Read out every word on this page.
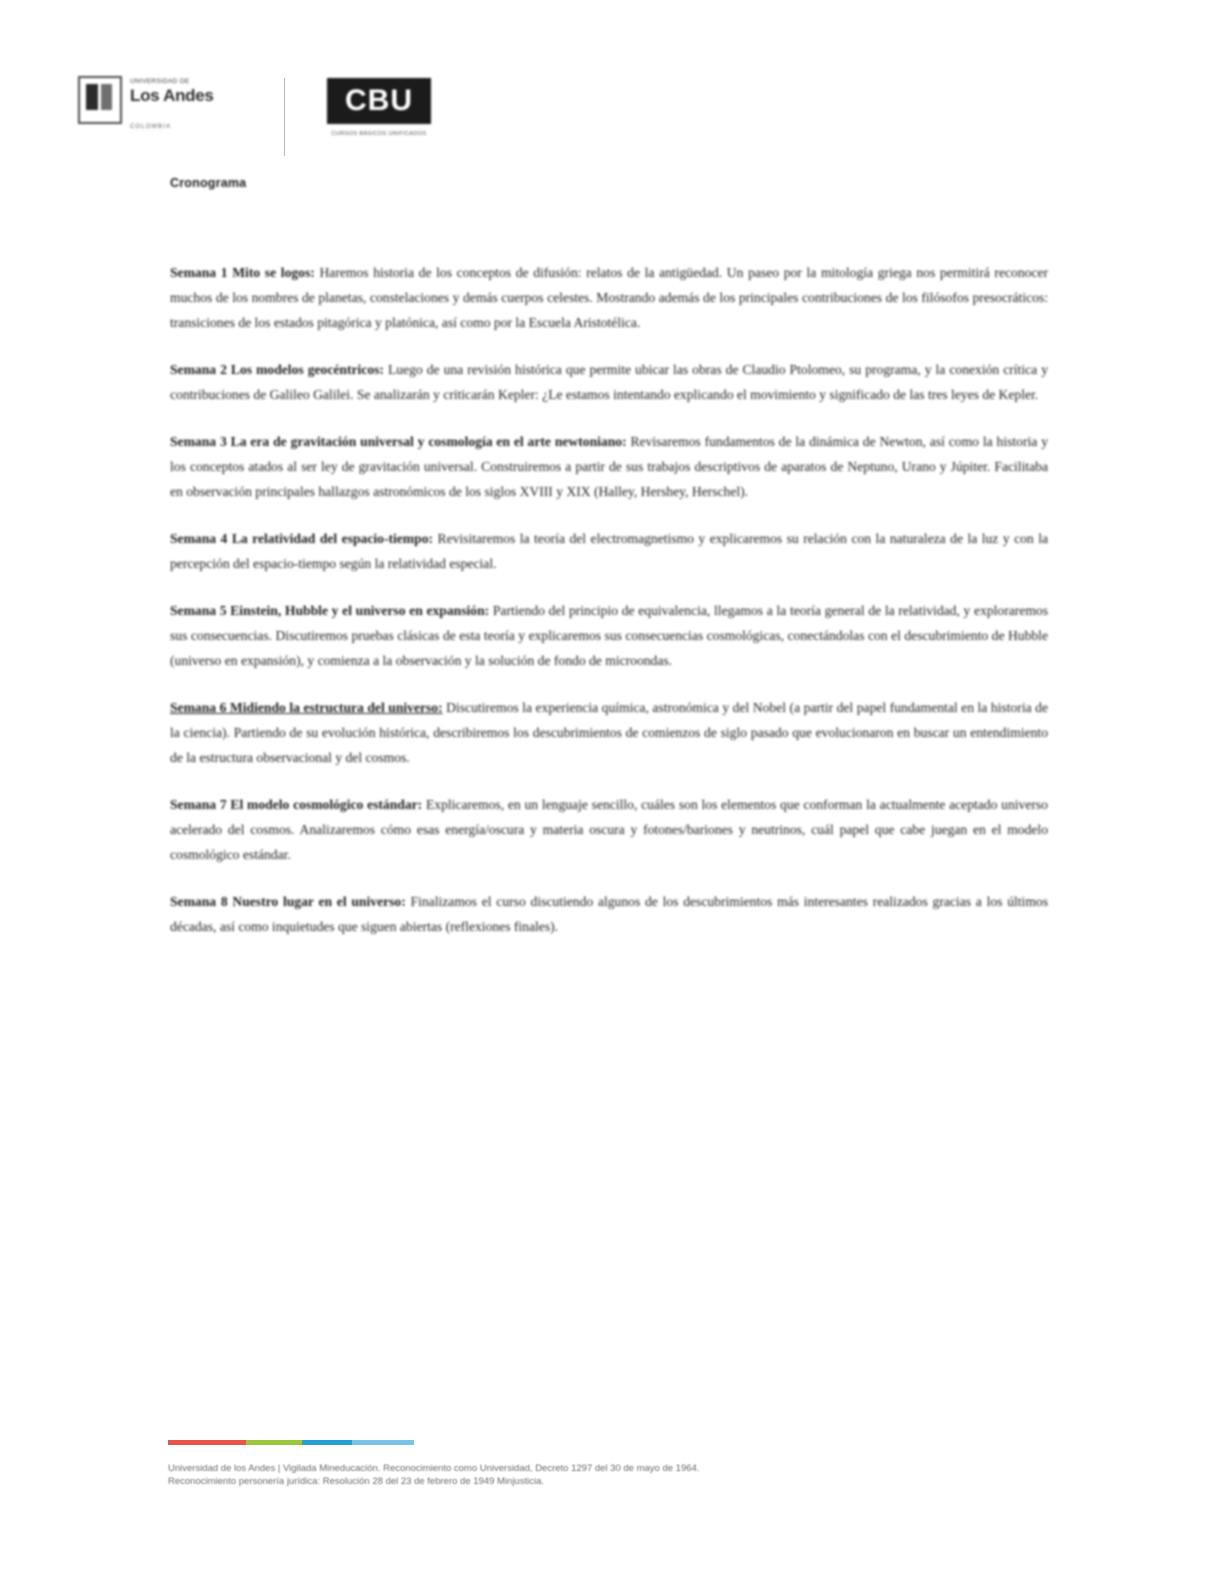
UNIVERSIDAD DE
Los Andes
COLOMBIA
CBU
CURSOS BÁSICOS UNIFICADOS
Cronograma

Semana 1 Mito se logos: Haremos historia de los conceptos de difusión: relatos de la antigüedad. Un paseo por la mitología griega nos permitirá reconocer muchos de los nombres de planetas, constelaciones y demás cuerpos celestes. Mostrando además de los principales contribuciones de los filósofos presocráticos: transiciones de los estados pitagórica y platónica, así como por la Escuela Aristotélica.

Semana 2 Los modelos geocéntricos: Luego de una revisión histórica que permite ubicar las obras de Claudio Ptolomeo, su programa, y la conexión crítica y contribuciones de Galileo Galilei. Se analizarán y criticarán Kepler: ¿Le estamos intentando explicando el movimiento y significado de las tres leyes de Kepler.

Semana 3 La era de gravitación universal y cosmología en el arte newtoniano: Revisaremos fundamentos de la dinámica de Newton, así como la historia y los conceptos atados al ser ley de gravitación universal. Construiremos a partir de sus trabajos descriptivos de aparatos de Neptuno, Urano y Júpiter. Facilitaba en observación principales hallazgos astronómicos de los siglos XVIII y XIX (Halley, Hershey, Herschel).

Semana 4 La relatividad del espacio-tiempo: Revisitaremos la teoría del electromagnetismo y explicaremos su relación con la naturaleza de la luz y con la percepción del espacio-tiempo según la relatividad especial.

Semana 5 Einstein, Hubble y el universo en expansión: Partiendo del principio de equivalencia, llegamos a la teoría general de la relatividad, y exploraremos sus consecuencias. Discutiremos pruebas clásicas de esta teoría y explicaremos sus consecuencias cosmológicas, conectándolas con el descubrimiento de Hubble (universo en expansión), y comienza a la observación y la solución de fondo de microondas.

Semana 6 Midiendo la estructura del universo: Discutiremos la experiencia química, astronómica y del Nobel (a partir del papel fundamental en la historia de la ciencia). Partiendo de su evolución histórica, describiremos los descubrimientos de comienzos de siglo pasado que evolucionaron en buscar un entendimiento de la estructura observacional y del cosmos.

Semana 7 El modelo cosmológico estándar: Explicaremos, en un lenguaje sencillo, cuáles son los elementos que conforman la actualmente aceptado universo acelerado del cosmos. Analizaremos cómo esas energía/oscura y materia oscura y fotones/bariones y neutrinos, cuál papel que cabe juegan en el modelo cosmológico estándar.

Semana 8 Nuestro lugar en el universo: Finalizamos el curso discutiendo algunos de los descubrimientos más interesantes realizados gracias a los últimos décadas, así como inquietudes que siguen abiertas (reflexiones finales).

Universidad de los Andes | Vigilada Mineducación. Reconocimiento como Universidad, Decreto 1297 del 30 de mayo de 1964.
Reconocimiento personería jurídica: Resolución 28 del 23 de febrero de 1949 Minjusticia.
